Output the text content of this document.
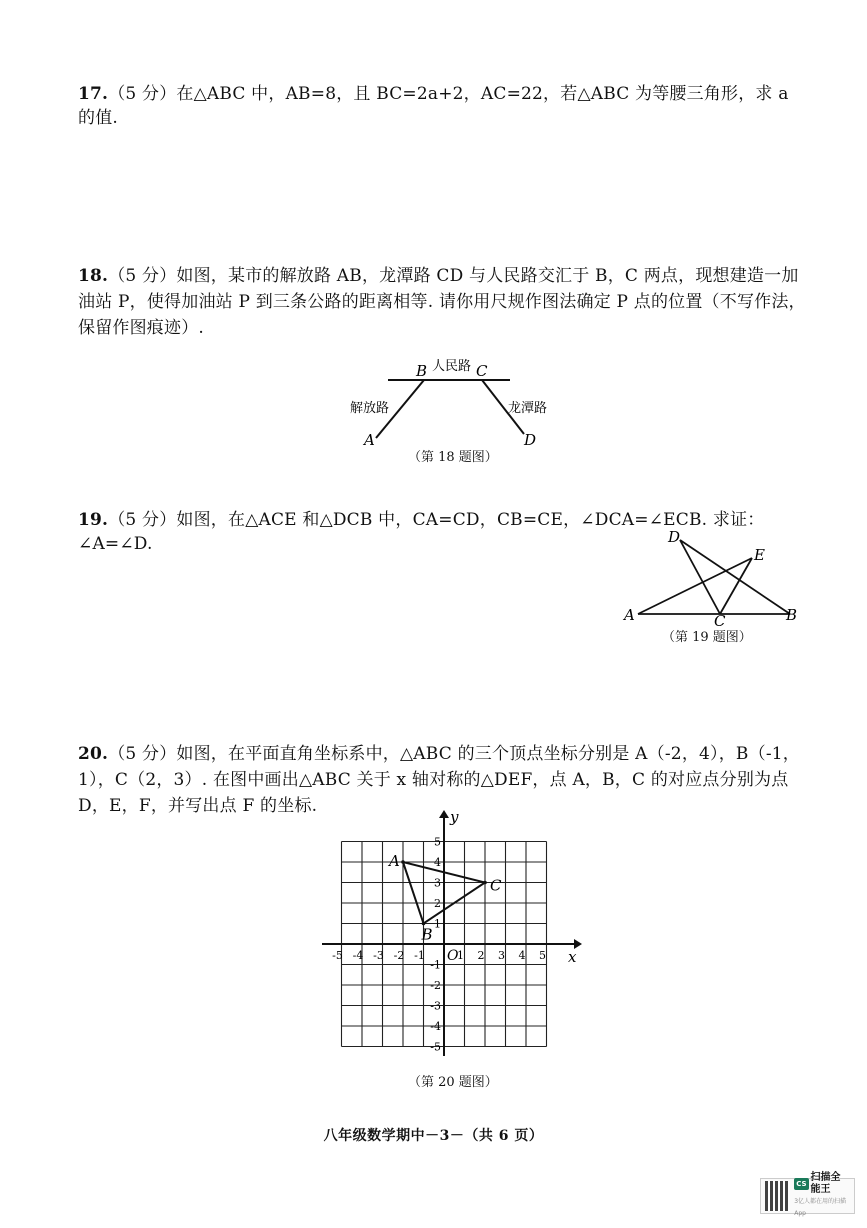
17.（5 分）在△ABC 中，AB=8，且 BC=2a+2，AC=22，若△ABC 为等腰三角形，求 a 的值.
18.（5 分）如图，某市的解放路 AB，龙潭路 CD 与人民路交汇于 B，C 两点，现想建造一加油站 P，使得加油站 P 到三条公路的距离相等. 请你用尺规作图法确定 P 点的位置（不写作法，保留作图痕迹）.
B	C
A	D
人民路
解放路	龙潭路
（第 18 题图）
19.（5 分）如图，在△ACE 和△DCB 中，CA=CD，CB=CE，∠DCA=∠ECB. 求证：∠A=∠D.	D
E
A	C	B
（第 19 题图）
20.（5 分）如图，在平面直角坐标系中，△ABC 的三个顶点坐标分别是 A（-2，4），B（-1，1），C（2，3）. 在图中画出△ABC 关于 x 轴对称的△DEF，点 A，B，C 的对应点分别为点 D，E，F，并写出点 F 的坐标.
-5 -4 -3 -2 -1	1 2 3 4 5
5
4
3
2
1
-1
-2
-3
-4
-5
A
B
C
x
y
O
（第 20 题图）
八年级数学期中－3－（共 6 页）
CS
扫描全能王
3亿人都在用的扫描App
